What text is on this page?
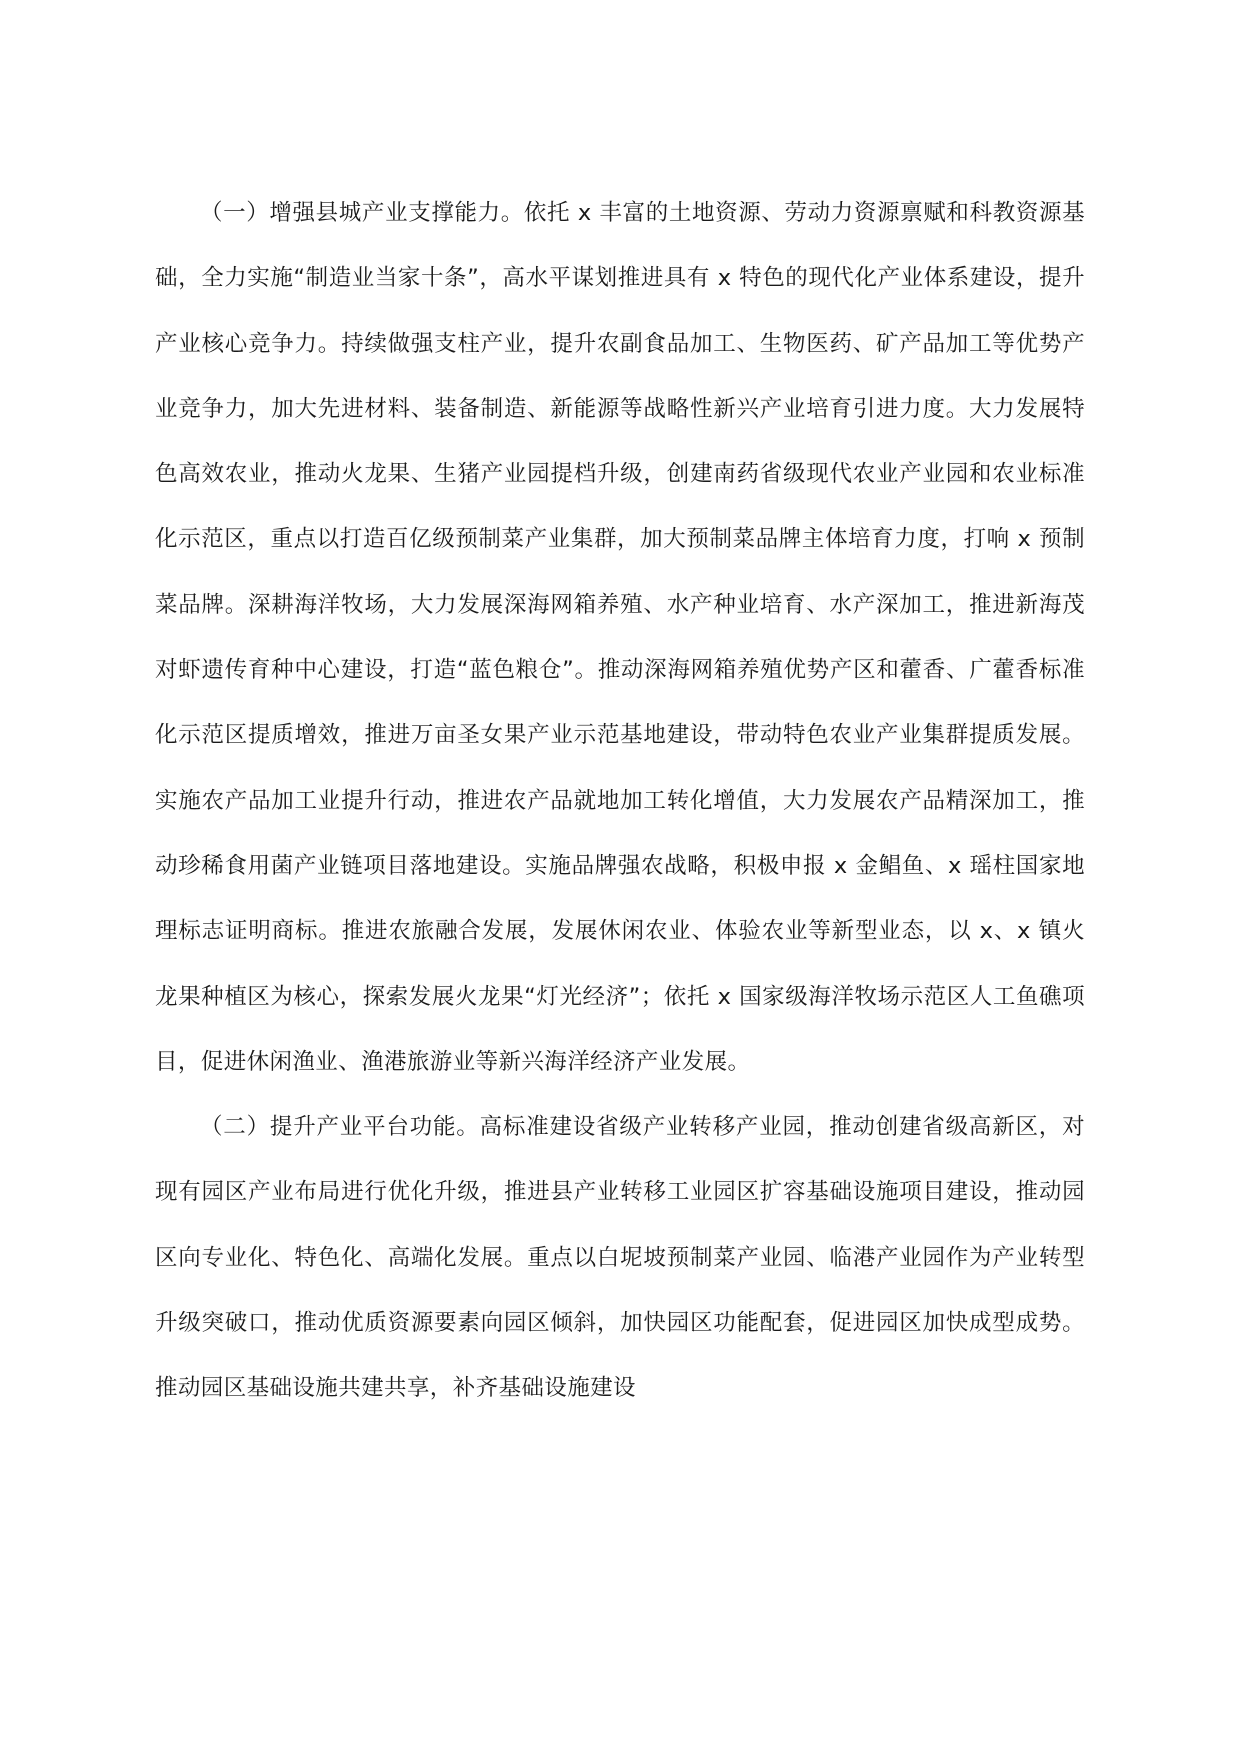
（一）增强县城产业支撑能力。依托 x 丰富的土地资源、劳动力资源禀赋和科教资源基础，全力实施“制造业当家十条”，高水平谋划推进具有 x 特色的现代化产业体系建设，提升产业核心竞争力。持续做强支柱产业，提升农副食品加工、生物医药、矿产品加工等优势产业竞争力，加大先进材料、装备制造、新能源等战略性新兴产业培育引进力度。大力发展特色高效农业，推动火龙果、生猪产业园提档升级，创建南药省级现代农业产业园和农业标准化示范区，重点以打造百亿级预制菜产业集群，加大预制菜品牌主体培育力度，打响 x 预制菜品牌。深耕海洋牧场，大力发展深海网箱养殖、水产种业培育、水产深加工，推进新海茂对虾遗传育种中心建设，打造“蓝色粮仓”。推动深海网箱养殖优势产区和藿香、广藿香标准化示范区提质增效，推进万亩圣女果产业示范基地建设，带动特色农业产业集群提质发展。实施农产品加工业提升行动，推进农产品就地加工转化增值，大力发展农产品精深加工，推动珍稀食用菌产业链项目落地建设。实施品牌强农战略，积极申报 x 金鲳鱼、x 瑶柱国家地理标志证明商标。推进农旅融合发展，发展休闲农业、体验农业等新型业态，以 x、x 镇火龙果种植区为核心，探索发展火龙果“灯光经济”；依托 x 国家级海洋牧场示范区人工鱼礁项目，促进休闲渔业、渔港旅游业等新兴海洋经济产业发展。

（二）提升产业平台功能。高标准建设省级产业转移产业园，推动创建省级高新区，对现有园区产业布局进行优化升级，推进县产业转移工业园区扩容基础设施项目建设，推动园区向专业化、特色化、高端化发展。重点以白坭坡预制菜产业园、临港产业园作为产业转型升级突破口，推动优质资源要素向园区倾斜，加快园区功能配套，促进园区加快成型成势。推动园区基础设施共建共享，补齐基础设施建设
